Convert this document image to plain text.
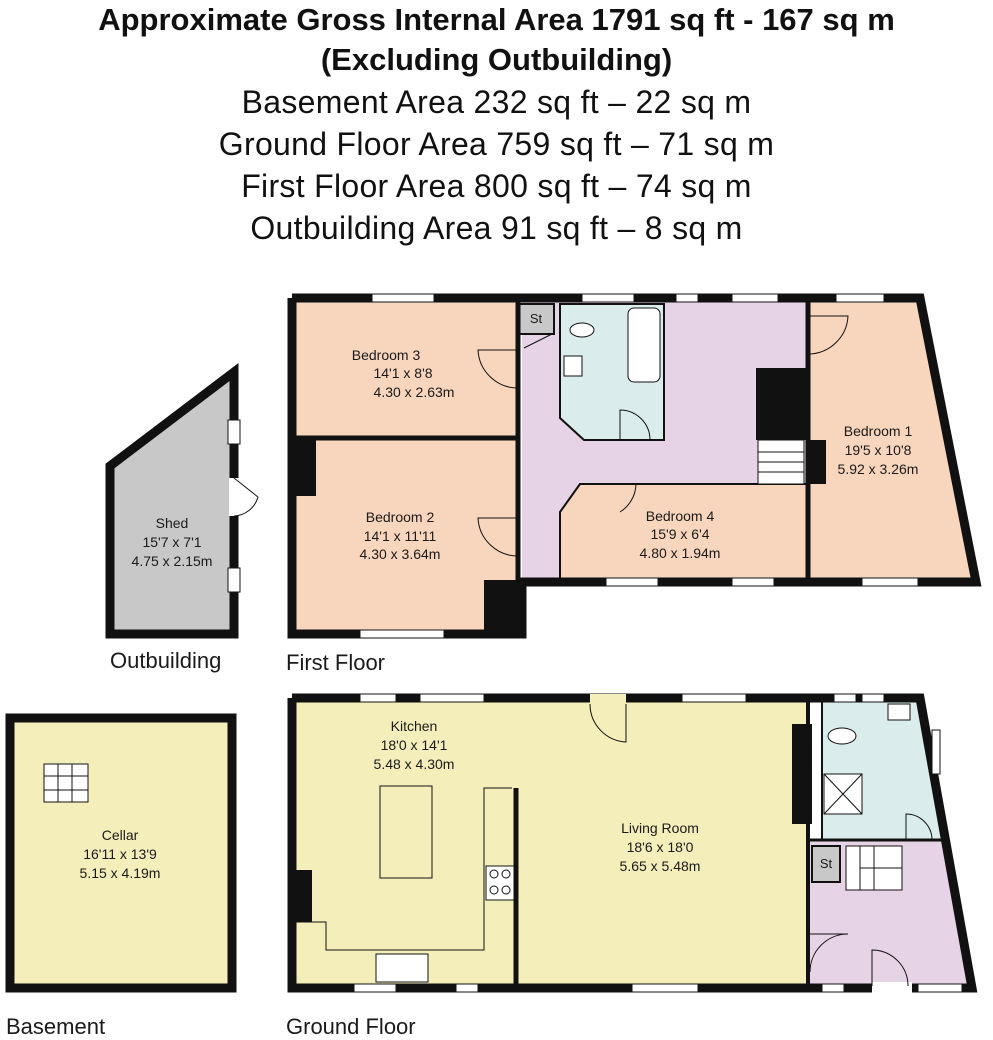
Approximate Gross Internal Area 1791 sq ft - 167 sq m
(Excluding Outbuilding)
Basement Area 232 sq ft – 22 sq m
Ground Floor Area 759 sq ft – 71 sq m
First Floor Area 800 sq ft – 74 sq m
Outbuilding Area 91 sq ft – 8 sq m
Shed
15'7 x 7'1
4.75 x 2.15m
Outbuilding
St
Bedroom 3
14'1 x 8'8
4.30 x 2.63m
Bedroom 2
14'1 x 11'11
4.30 x 3.64m
Bedroom 4
15'9 x 6'4
4.80 x 1.94m
Bedroom 1
19'5 x 10'8
5.92 x 3.26m
First Floor
Cellar
16'11 x 13'9
5.15 x 4.19m
Basement
St
Kitchen
18'0 x 14'1
5.48 x 4.30m
Living Room
18'6 x 18'0
5.65 x 5.48m
Ground Floor
